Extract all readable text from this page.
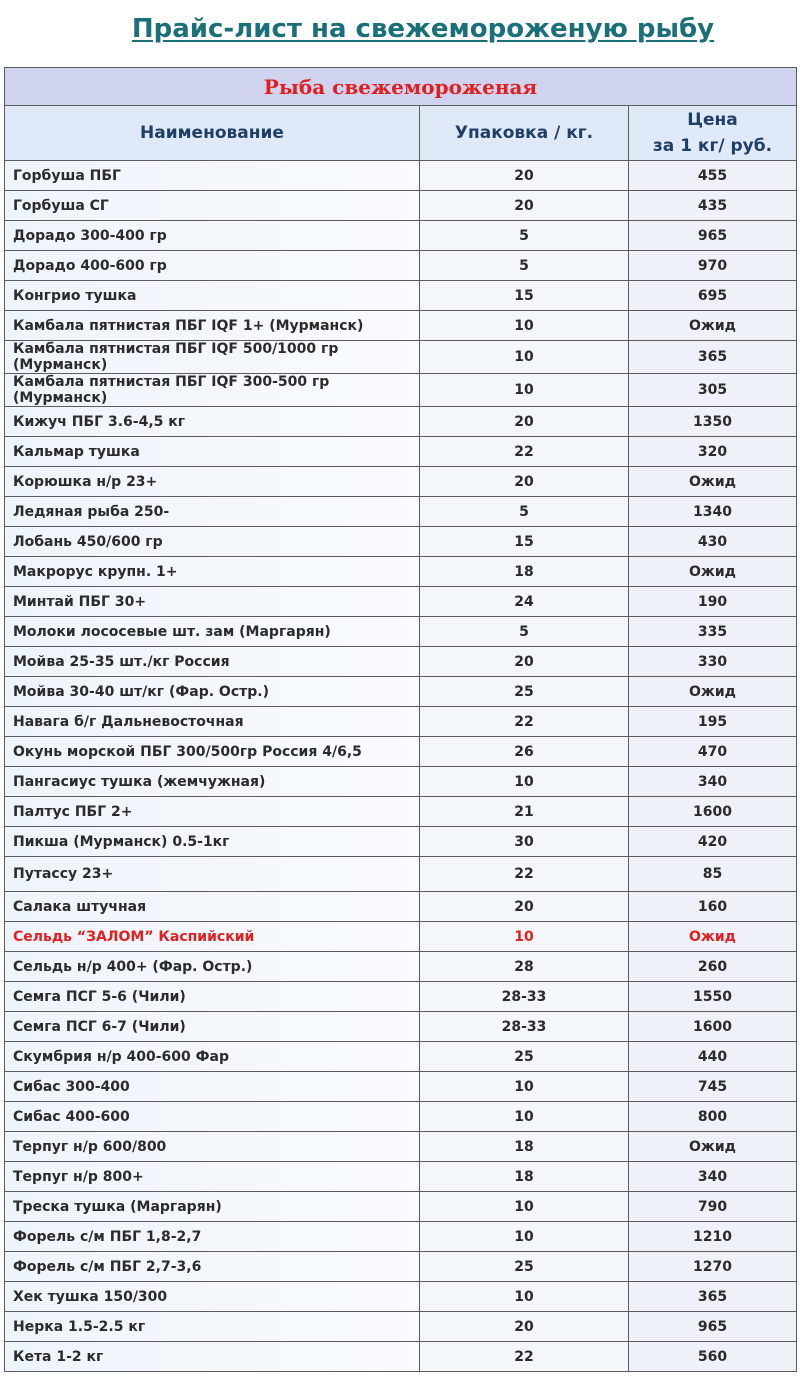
Прайс-лист на свежемороженую рыбу
Рыба свежемороженая		
Наименование	Упаковка / кг.	Цена
за 1 кг/ руб.
Горбуша ПБГ	20	455
Горбуша СГ	20	435
Дорадо 300-400 гр	5	965
Дорадо 400-600 гр	5	970
Конгрио тушка	15	695
Камбала пятнистая ПБГ IQF 1+ (Мурманск)	10	Ожид
Камбала пятнистая ПБГ IQF 500/1000 гр (Мурманск)	10	365
Камбала пятнистая ПБГ IQF 300-500 гр (Мурманск)	10	305
Кижуч ПБГ 3.6-4,5 кг	20	1350
Кальмар тушка	22	320
Корюшка н/р 23+	20	Ожид
Ледяная рыба 250-	5	1340
Лобань 450/600 гр	15	430
Макрорус крупн. 1+	18	Ожид
Минтай ПБГ 30+	24	190
Молоки лососевые шт. зам (Маргарян)	5	335
Мойва 25-35 шт./кг Россия	20	330
Мойва 30-40 шт/кг (Фар. Остр.)	25	Ожид
Навага б/г Дальневосточная	22	195
Окунь морской ПБГ 300/500гр Россия 4/6,5	26	470
Пангасиус тушка (жемчужная)	10	340
Палтус ПБГ 2+	21	1600
Пикша (Мурманск) 0.5-1кг	30	420
Путассу 23+	22	85
Салака штучная	20	160
Сельдь “ЗАЛОМ” Каспийский	10	Ожид
Сельдь н/р 400+ (Фар. Остр.)	28	260
Семга ПСГ 5-6 (Чили)	28-33	1550
Семга ПСГ 6-7 (Чили)	28-33	1600
Скумбрия н/р 400-600 Фар	25	440
Сибас 300-400	10	745
Сибас 400-600	10	800
Терпуг н/р 600/800	18	Ожид
Терпуг н/р 800+	18	340
Треска тушка (Маргарян)	10	790
Форель с/м ПБГ 1,8-2,7	10	1210
Форель с/м ПБГ 2,7-3,6	25	1270
Хек тушка 150/300	10	365
Нерка 1.5-2.5 кг	20	965
Кета 1-2 кг	22	560
